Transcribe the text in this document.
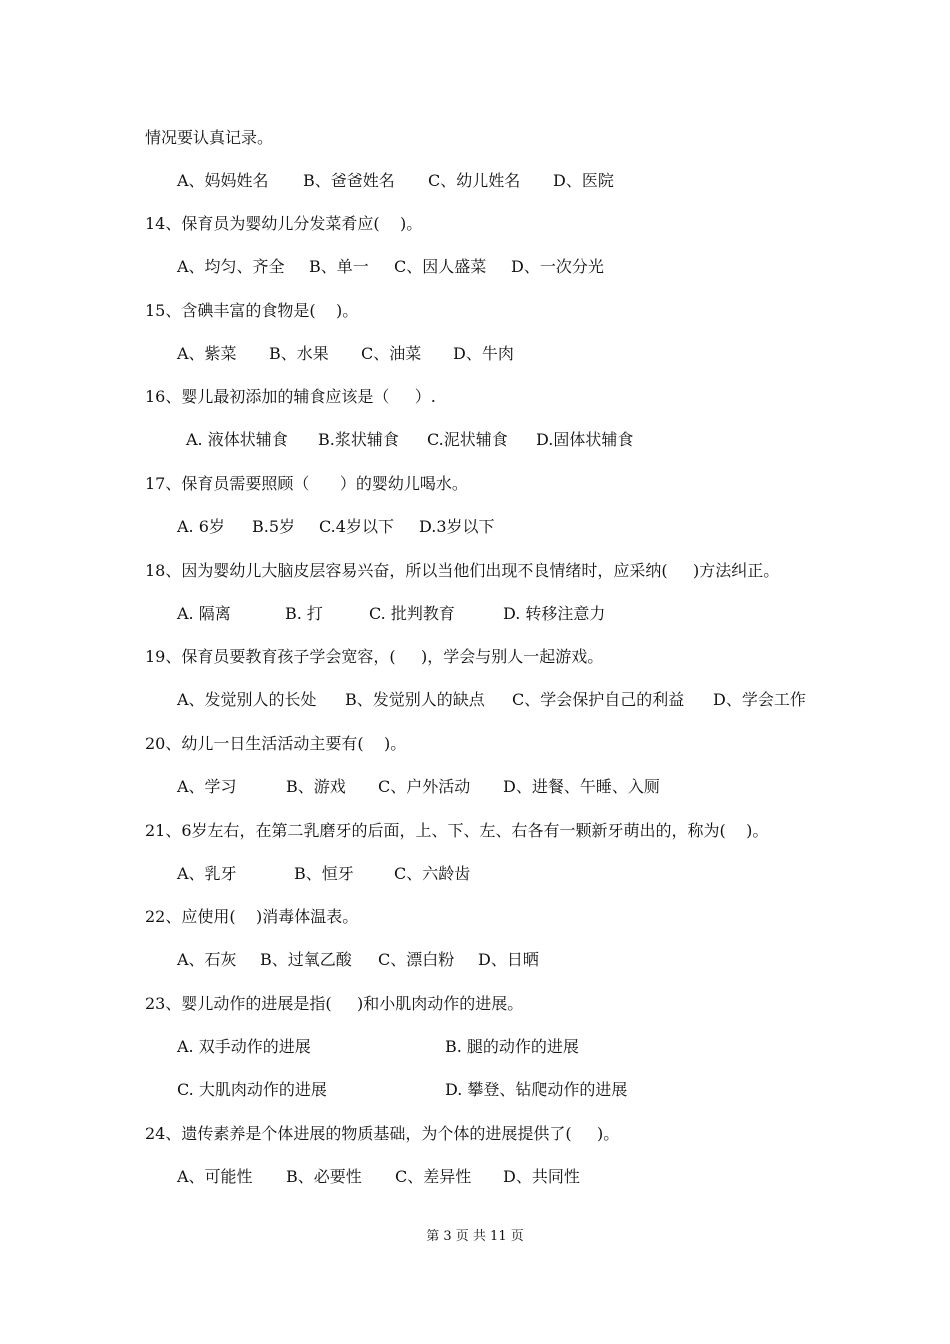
情况要认真记录。

A、妈妈姓名

B、爸爸姓名

C、幼儿姓名

D、医院

14、保育员为婴幼儿分发菜肴应(    )。

A、均匀、齐全

B、单一

C、因人盛菜

D、一次分光

15、含碘丰富的食物是(    )。

A、紫菜

B、水果

C、油菜

D、牛肉

16、婴儿最初添加的辅食应该是（     ）.

A. 液体状辅食

B.浆状辅食

C.泥状辅食

D.固体状辅食

17、保育员需要照顾（      ）的婴幼儿喝水。

A. 6岁

B.5岁

C.4岁以下

D.3岁以下

18、因为婴幼儿大脑皮层容易兴奋，所以当他们出现不良情绪时，应采纳(     )方法纠正。

A. 隔离

	B. 打

	C. 批判教育

	D. 转移注意力

19、保育员要教育孩子学会宽容，(     )，学会与别人一起游戏。

A、发觉别人的长处

B、发觉别人的缺点

C、学会保护自己的利益

D、学会工作

20、幼儿一日生活活动主要有(    )。

A、学习

	B、游戏

C、户外活动

D、进餐、午睡、入厕

21、6岁左右，在第二乳磨牙的后面，上、下、左、右各有一颗新牙萌出的，称为(    )。

A、乳牙

	B、恒牙

	C、六龄齿

22、应使用(    )消毒体温表。

A、石灰

B、过氧乙酸

C、漂白粉

D、日晒

23、婴儿动作的进展是指(     )和小肌肉动作的进展。

A. 双手动作的进展

	B. 腿的动作的进展

C. 大肌肉动作的进展

	D. 攀登、钻爬动作的进展

24、遗传素养是个体进展的物质基础，为个体的进展提供了(     )。

A、可能性

B、必要性

C、差异性

D、共同性

第 3 页 共 11 页
